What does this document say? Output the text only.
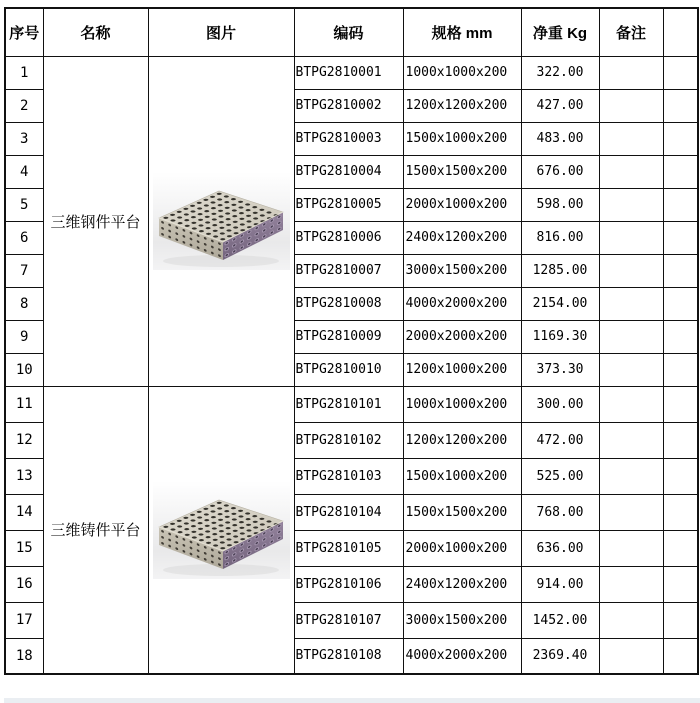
序号	名称	图片	编码	规格 mm	净重 Kg	备注	
1	三维钢件平台		BTPG2810001	1000x1000x200	322.00		
2			BTPG2810002	1200x1200x200	427.00		
3			BTPG2810003	1500x1000x200	483.00		
4			BTPG2810004	1500x1500x200	676.00		
5			BTPG2810005	2000x1000x200	598.00		
6			BTPG2810006	2400x1200x200	816.00		
7			BTPG2810007	3000x1500x200	1285.00		
8			BTPG2810008	4000x2000x200	2154.00		
9			BTPG2810009	2000x2000x200	1169.30		
10			BTPG2810010	1200x1000x200	373.30		
11	三维铸件平台		BTPG2810101	1000x1000x200	300.00		
12			BTPG2810102	1200x1200x200	472.00		
13			BTPG2810103	1500x1000x200	525.00		
14			BTPG2810104	1500x1500x200	768.00		
15			BTPG2810105	2000x1000x200	636.00		
16			BTPG2810106	2400x1200x200	914.00		
17			BTPG2810107	3000x1500x200	1452.00		
18			BTPG2810108	4000x2000x200	2369.40		
